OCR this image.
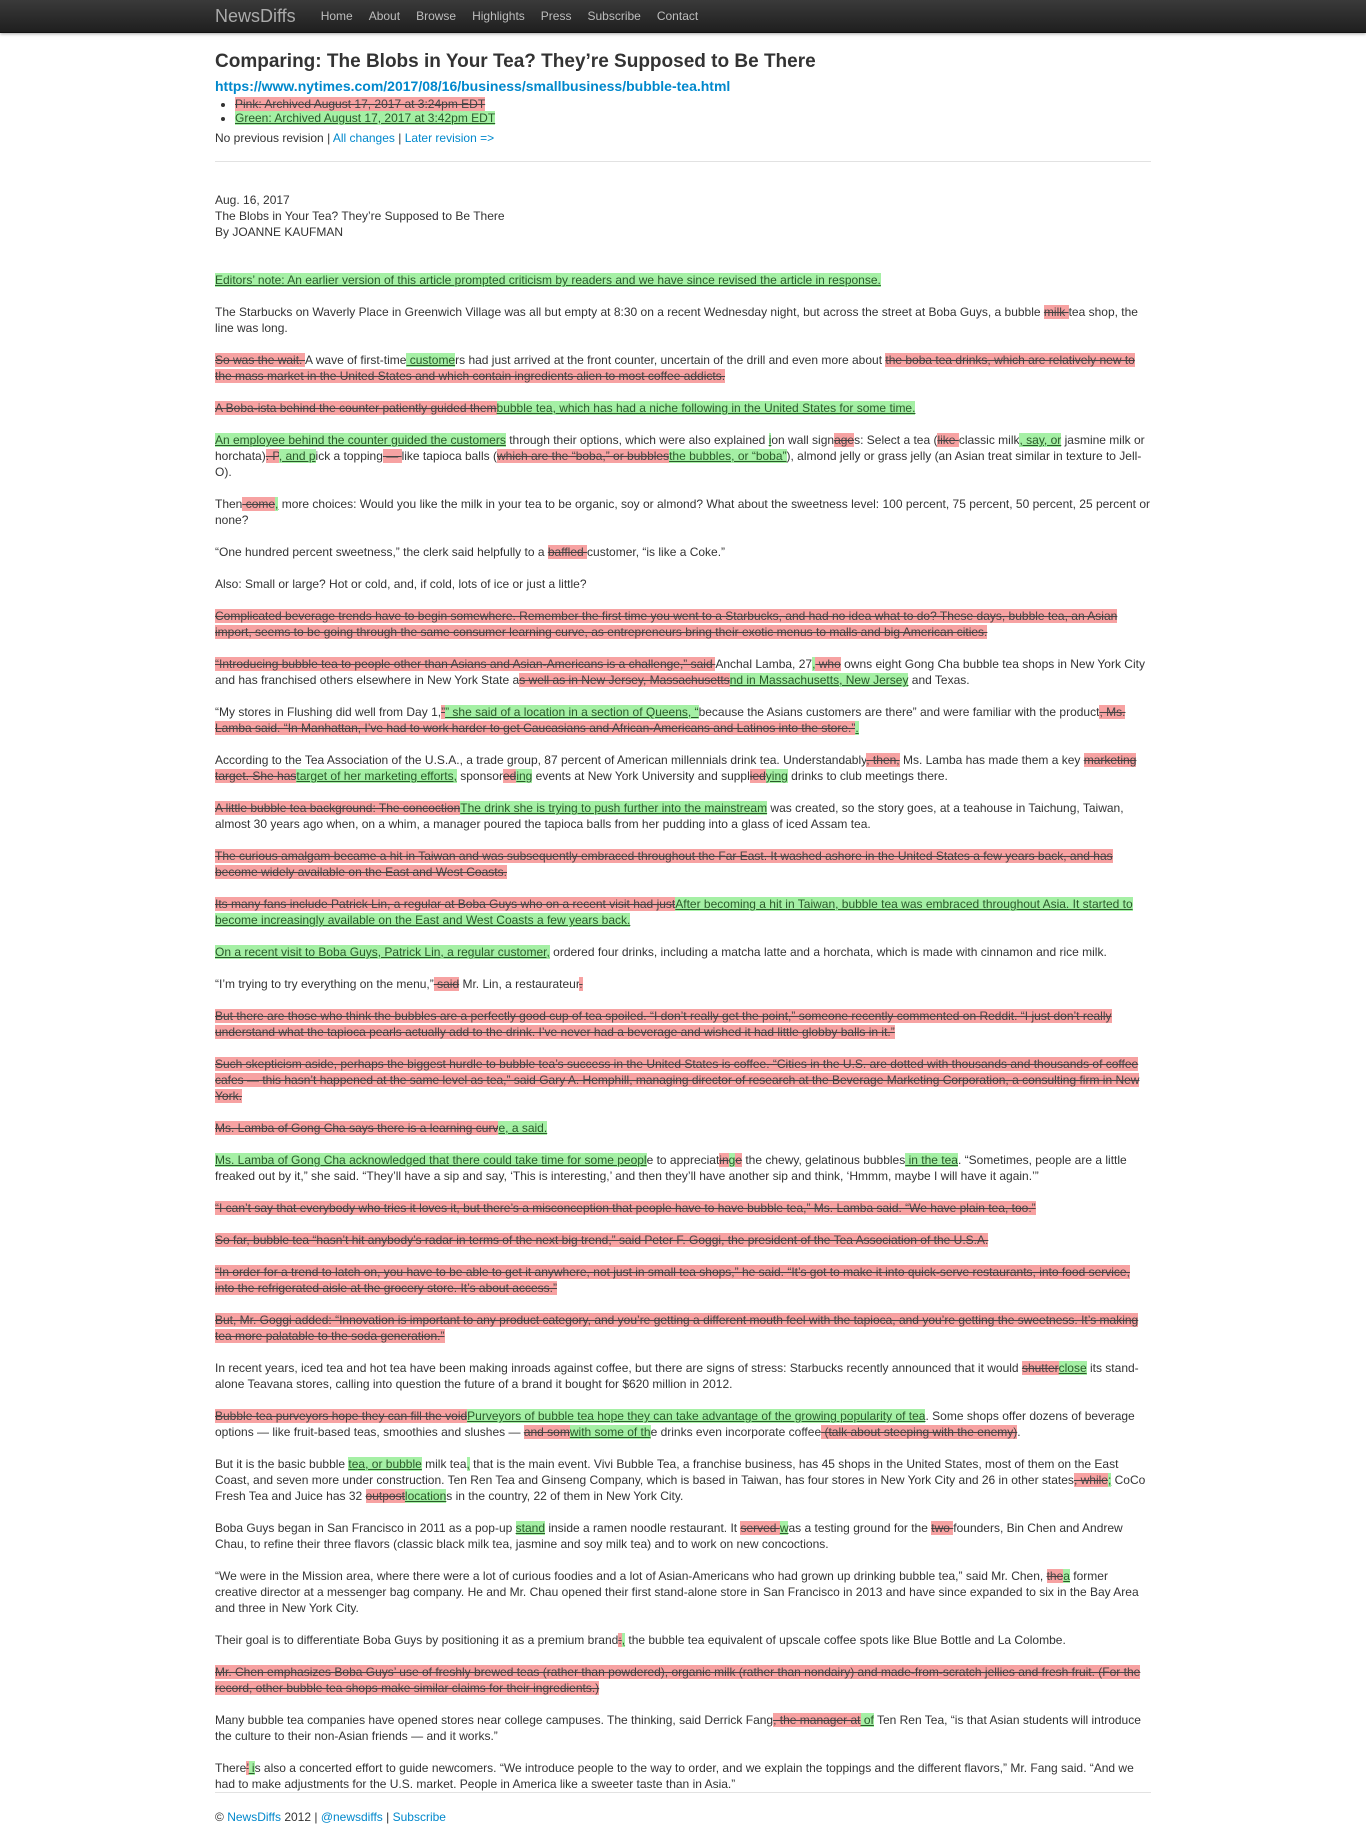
NewsDiffs Home About Browse Highlights Press Subscribe Contact
Comparing: The Blobs in Your Tea? They’re Supposed to Be There
https://www.nytimes.com/2017/08/16/business/smallbusiness/bubble-tea.html
• Pink: Archived August 17, 2017 at 3:24pm EDT
• Green: Archived August 17, 2017 at 3:42pm EDT
No previous revision | All changes | Later revision =>
Aug. 16, 2017
The Blobs in Your Tea? They’re Supposed to Be There
By JOANNE KAUFMAN

Editors’ note: An earlier version of this article prompted criticism by readers and we have since revised the article in response.

The Starbucks on Waverly Place in Greenwich Village was all but empty at 8:30 on a recent Wednesday night, but across the street at Boba Guys, a bubble milk tea shop, the line was long.

So was the wait. A wave of first-time customers had just arrived at the front counter, uncertain of the drill and even more about the boba tea drinks, which are relatively new to the mass market in the United States and which contain ingredients alien to most coffee addicts.

A Boba-ista behind the counter patiently guided thembubble tea, which has had a niche following in the United States for some time.

An employee behind the counter guided the customers through their options, which were also explained ion wall signages: Select a tea (like classic milk, say, or jasmine milk or horchata). P, and pick a topping — like tapioca balls (which are the “boba,” or bubblesthe bubbles, or “boba”), almond jelly or grass jelly (an Asian treat similar in texture to Jell-O).

Then come, more choices: Would you like the milk in your tea to be organic, soy or almond? What about the sweetness level: 100 percent, 75 percent, 50 percent, 25 percent or none?

“One hundred percent sweetness,” the clerk said helpfully to a baffled customer, “is like a Coke.”

Also: Small or large? Hot or cold, and, if cold, lots of ice or just a little?

Complicated beverage trends have to begin somewhere. Remember the first time you went to a Starbucks, and had no idea what to do? These days, bubble tea, an Asian import, seems to be going through the same consumer learning curve, as entrepreneurs bring their exotic menus to malls and big American cities.

“Introducing bubble tea to people other than Asians and Asian-Americans is a challenge,” said Anchal Lamba, 27, who owns eight Gong Cha bubble tea shops in New York City and has franchised others elsewhere in New York State as well as in New Jersey, Massachusettsnd in Massachusetts, New Jersey and Texas.

“My stores in Flushing did well from Day 1,”” she said of a location in a section of Queens, “because the Asians customers are there” and were familiar with the product, Ms. Lamba said. “In Manhattan, I’ve had to work harder to get Caucasians and African-Americans and Latinos into the store.”.

According to the Tea Association of the U.S.A., a trade group, 87 percent of American millennials drink tea. Understandably, then, Ms. Lamba has made them a key marketing target. She hastarget of her marketing efforts, sponsoreding events at New York University and suppliedying drinks to club meetings there.

A little bubble tea background: The concoctionThe drink she is trying to push further into the mainstream was created, so the story goes, at a teahouse in Taichung, Taiwan, almost 30 years ago when, on a whim, a manager poured the tapioca balls from her pudding into a glass of iced Assam tea.

The curious amalgam became a hit in Taiwan and was subsequently embraced throughout the Far East. It washed ashore in the United States a few years back, and has become widely available on the East and West Coasts.

Its many fans include Patrick Lin, a regular at Boba Guys who on a recent visit had justAfter becoming a hit in Taiwan, bubble tea was embraced throughout Asia. It started to become increasingly available on the East and West Coasts a few years back.

On a recent visit to Boba Guys, Patrick Lin, a regular customer, ordered four drinks, including a matcha latte and a horchata, which is made with cinnamon and rice milk.

“I’m trying to try everything on the menu,” said Mr. Lin, a restaurateur.

But there are those who think the bubbles are a perfectly good cup of tea spoiled. “I don’t really get the point,” someone recently commented on Reddit. “I just don’t really understand what the tapioca pearls actually add to the drink. I’ve never had a beverage and wished it had little globby balls in it.”

Such skepticism aside, perhaps the biggest hurdle to bubble tea’s success in the United States is coffee. “Cities in the U.S. are dotted with thousands and thousands of coffee cafes — this hasn’t happened at the same level as tea,” said Gary A. Hemphill, managing director of research at the Beverage Marketing Corporation, a consulting firm in New York.

Ms. Lamba of Gong Cha says there is a learning curve, a said.

Ms. Lamba of Gong Cha acknowledged that there could take time for some people to appreciatinge the chewy, gelatinous bubbles in the tea. “Sometimes, people are a little freaked out by it,” she said. “They’ll have a sip and say, ‘This is interesting,’ and then they’ll have another sip and think, ‘Hmmm, maybe I will have it again.’”

“I can’t say that everybody who tries it loves it, but there’s a misconception that people have to have bubble tea,” Ms. Lamba said. “We have plain tea, too.”

So far, bubble tea “hasn’t hit anybody’s radar in terms of the next big trend,” said Peter F. Goggi, the president of the Tea Association of the U.S.A.

“In order for a trend to latch on, you have to be able to get it anywhere, not just in small tea shops,” he said. “It’s got to make it into quick-serve restaurants, into food service, into the refrigerated aisle at the grocery store. It’s about access.”

But, Mr. Goggi added: “Innovation is important to any product category, and you’re getting a different mouth feel with the tapioca, and you’re getting the sweetness. It’s making tea more palatable to the soda generation.”

In recent years, iced tea and hot tea have been making inroads against coffee, but there are signs of stress: Starbucks recently announced that it would shutterclose its stand-alone Teavana stores, calling into question the future of a brand it bought for $620 million in 2012.

Bubble tea purveyors hope they can fill the voidPurveyors of bubble tea hope they can take advantage of the growing popularity of tea. Some shops offer dozens of beverage options — like fruit-based teas, smoothies and slushes — and somwith some of the drinks even incorporate coffee (talk about steeping with the enemy).

But it is the basic bubble tea, or bubble milk tea, that is the main event. Vivi Bubble Tea, a franchise business, has 45 shops in the United States, most of them on the East Coast, and seven more under construction. Ten Ren Tea and Ginseng Company, which is based in Taiwan, has four stores in New York City and 26 in other states, while; CoCo Fresh Tea and Juice has 32 outpostlocations in the country, 22 of them in New York City.

Boba Guys began in San Francisco in 2011 as a pop-up stand inside a ramen noodle restaurant. It served was a testing ground for the two founders, Bin Chen and Andrew Chau, to refine their three flavors (classic black milk tea, jasmine and soy milk tea) and to work on new concoctions.

“We were in the Mission area, where there were a lot of curious foodies and a lot of Asian-Americans who had grown up drinking bubble tea,” said Mr. Chen, thea former creative director at a messenger bag company. He and Mr. Chau opened their first stand-alone store in San Francisco in 2013 and have since expanded to six in the Bay Area and three in New York City.

Their goal is to differentiate Boba Guys by positioning it as a premium brand:, the bubble tea equivalent of upscale coffee spots like Blue Bottle and La Colombe.

Mr. Chen emphasizes Boba Guys’ use of freshly brewed teas (rather than powdered), organic milk (rather than nondairy) and made-from-scratch jellies and fresh fruit. (For the record, other bubble tea shops make similar claims for their ingredients.)

Many bubble tea companies have opened stores near college campuses. The thinking, said Derrick Fang, the manager at of Ten Ren Tea, “is that Asian students will introduce the culture to their non-Asian friends — and it works.”

There’ is also a concerted effort to guide newcomers. “We introduce people to the way to order, and we explain the toppings and the different flavors,” Mr. Fang said. “And we had to make adjustments for the U.S. market. People in America like a sweeter taste than in Asia.”

© NewsDiffs 2012 | @newsdiffs | Subscribe
